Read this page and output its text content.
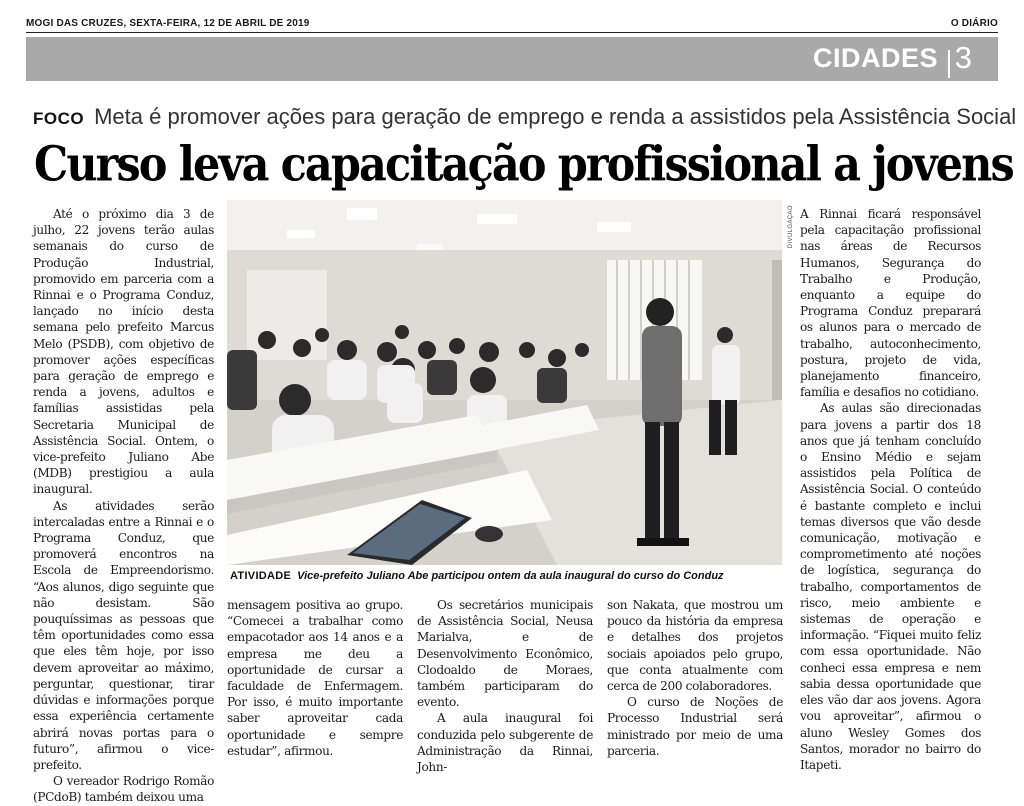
MOGI DAS CRUZES, SEXTA-FEIRA, 12 DE ABRIL DE 2019	O DIÁRIO
CIDADES 3
FOCO Meta é promover ações para geração de emprego e renda a assistidos pela Assistência Social
Curso leva capacitação profissional a jovens

Até o próximo dia 3 de julho, 22 jovens terão aulas semanais do curso de Produção Industrial, promovido em parceria com a Rinnai e o Programa Conduz, lançado no início desta semana pelo prefeito Marcus Melo (PSDB), com objetivo de promover ações específicas para geração de emprego e renda a jovens, adultos e famílias assistidas pela Secretaria Municipal de Assistência Social. Ontem, o vice-prefeito Juliano Abe (MDB) prestigiou a aula inaugural.

As atividades serão intercaladas entre a Rinnai e o Programa Conduz, que promoverá encontros na Escola de Empreendorismo. “Aos alunos, digo seguinte que não desistam. São pouquíssimas as pessoas que têm oportunidades como essa que eles têm hoje, por isso devem aproveitar ao máximo, perguntar, questionar, tirar dúvidas e informações porque essa experiência certamente abrirá novas portas para o futuro”, afirmou o vice-prefeito.

O vereador Rodrigo Romão (PCdoB) também deixou uma

DIVULGAÇÃO
ATIVIDADE Vice-prefeito Juliano Abe participou ontem da aula inaugural do curso do Conduz

mensagem positiva ao grupo. “Comecei a trabalhar como empacotador aos 14 anos e a empresa me deu a oportunidade de cursar a faculdade de Enfermagem. Por isso, é muito importante saber aproveitar cada oportunidade e sempre estudar”, afirmou.

Os secretários municipais de Assistência Social, Neusa Marialva, e de Desenvolvimento Econômico, Clodoaldo de Moraes, também participaram do evento.

A aula inaugural foi conduzida pelo subgerente de Administração da Rinnai, John-

son Nakata, que mostrou um pouco da história da empresa e detalhes dos projetos sociais apoiados pelo grupo, que conta atualmente com cerca de 200 colaboradores.

O curso de Noções de Processo Industrial será ministrado por meio de uma parceria.

A Rinnai ficará responsável pela capacitação profissional nas áreas de Recursos Humanos, Segurança do Trabalho e Produção, enquanto a equipe do Programa Conduz preparará os alunos para o mercado de trabalho, autoconhecimento, postura, projeto de vida, planejamento financeiro, família e desafios no cotidiano.

As aulas são direcionadas para jovens a partir dos 18 anos que já tenham concluído o Ensino Médio e sejam assistidos pela Política de Assistência Social. O conteúdo é bastante completo e inclui temas diversos que vão desde comunicação, motivação e comprometimento até noções de logística, segurança do trabalho, comportamentos de risco, meio ambiente e sistemas de operação e informação. “Fiquei muito feliz com essa oportunidade. Não conheci essa empresa e nem sabia dessa oportunidade que eles vão dar aos jovens. Agora vou aproveitar”, afirmou o aluno Wesley Gomes dos Santos, morador no bairro do Itapeti.
